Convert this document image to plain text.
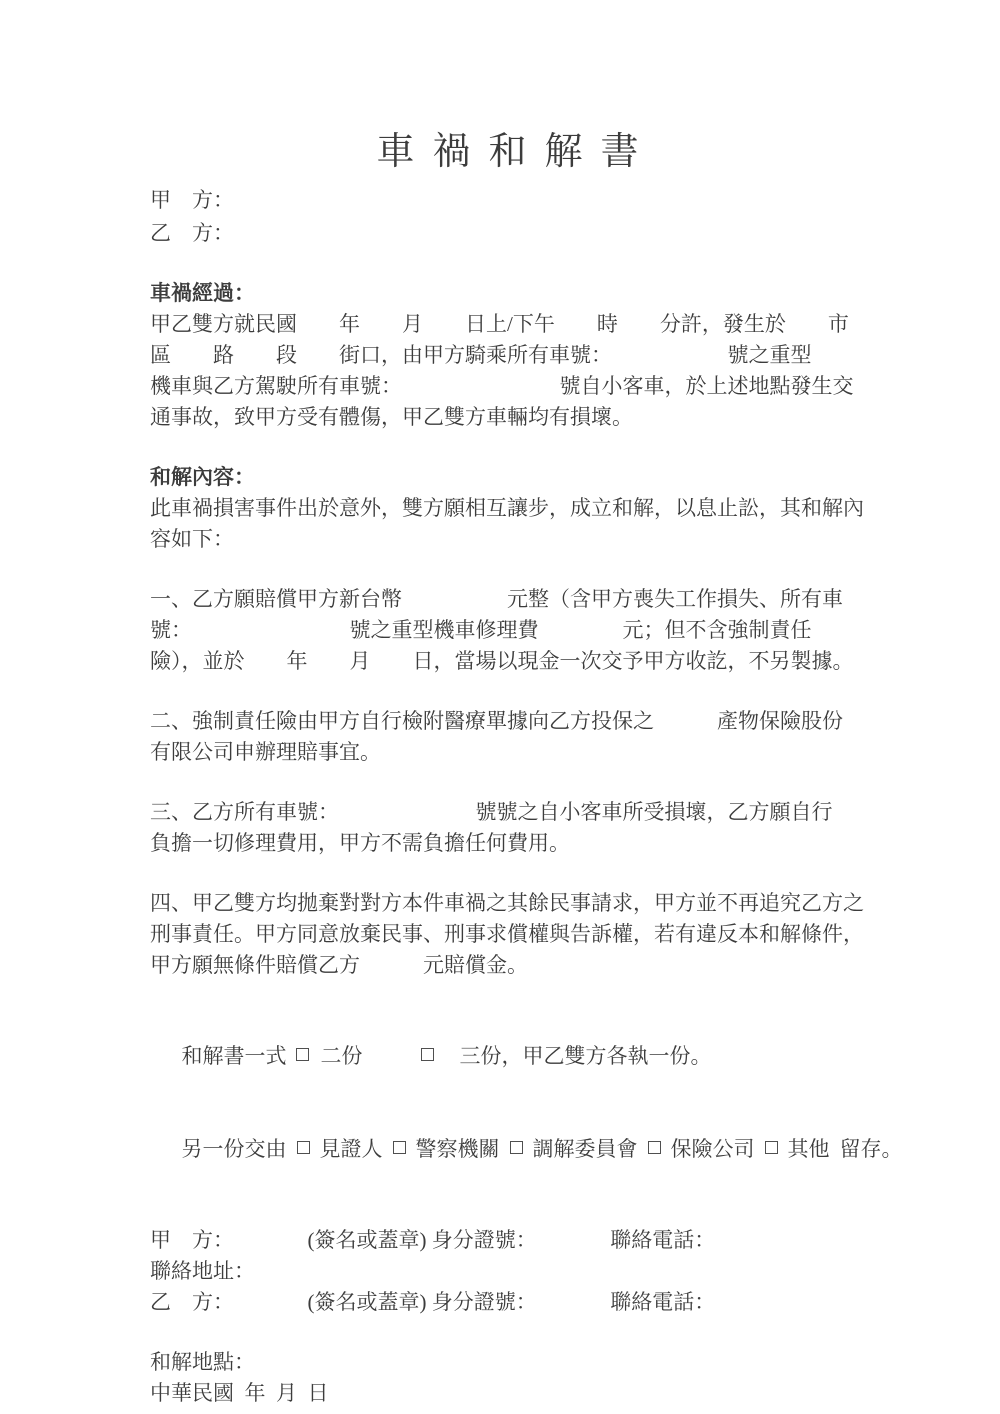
車禍和解書
甲　方：
乙　方：
車禍經過：
甲乙雙方就民國　　年　　月　　日上/下午　　時　　分許，發生於　　市
區　　路　　段　　街口，由甲方騎乘所有車號：　　　　　　號之重型
機車與乙方駕駛所有車號：　　　　　　　　號自小客車，於上述地點發生交
通事故，致甲方受有體傷，甲乙雙方車輛均有損壞。
和解內容：
此車禍損害事件出於意外，雙方願相互讓步，成立和解，以息止訟，其和解內
容如下：
一、乙方願賠償甲方新台幣　　　　　元整（含甲方喪失工作損失、所有車
號：　　　　　　　　號之重型機車修理費　　　　元；但不含強制責任
險），並於　　年　　月　　日，當場以現金一次交予甲方收訖，不另製據。
二、強制責任險由甲方自行檢附醫療單據向乙方投保之　　　產物保險股份
有限公司申辦理賠事宜。
三、乙方所有車號：　　　　　　　號號之自小客車所受損壞，乙方願自行
負擔一切修理費用，甲方不需負擔任何費用。
四、甲乙雙方均拋棄對對方本件車禍之其餘民事請求，甲方並不再追究乙方之
刑事責任。甲方同意放棄民事、刑事求償權與告訴權，若有違反本和解條件，
甲方願無條件賠償乙方　　　元賠償金。

和解書一式 二份	三份，甲乙雙方各執一份。

另一份交由 見證人 警察機關 調解委員會 保險公司 其他 留存。

甲　方：　　　　(簽名或蓋章) 身分證號：　　　　聯絡電話：
聯絡地址：
乙　方：　　　　(簽名或蓋章) 身分證號：　　　　聯絡電話：
和解地點：
中華民國  年  月  日
